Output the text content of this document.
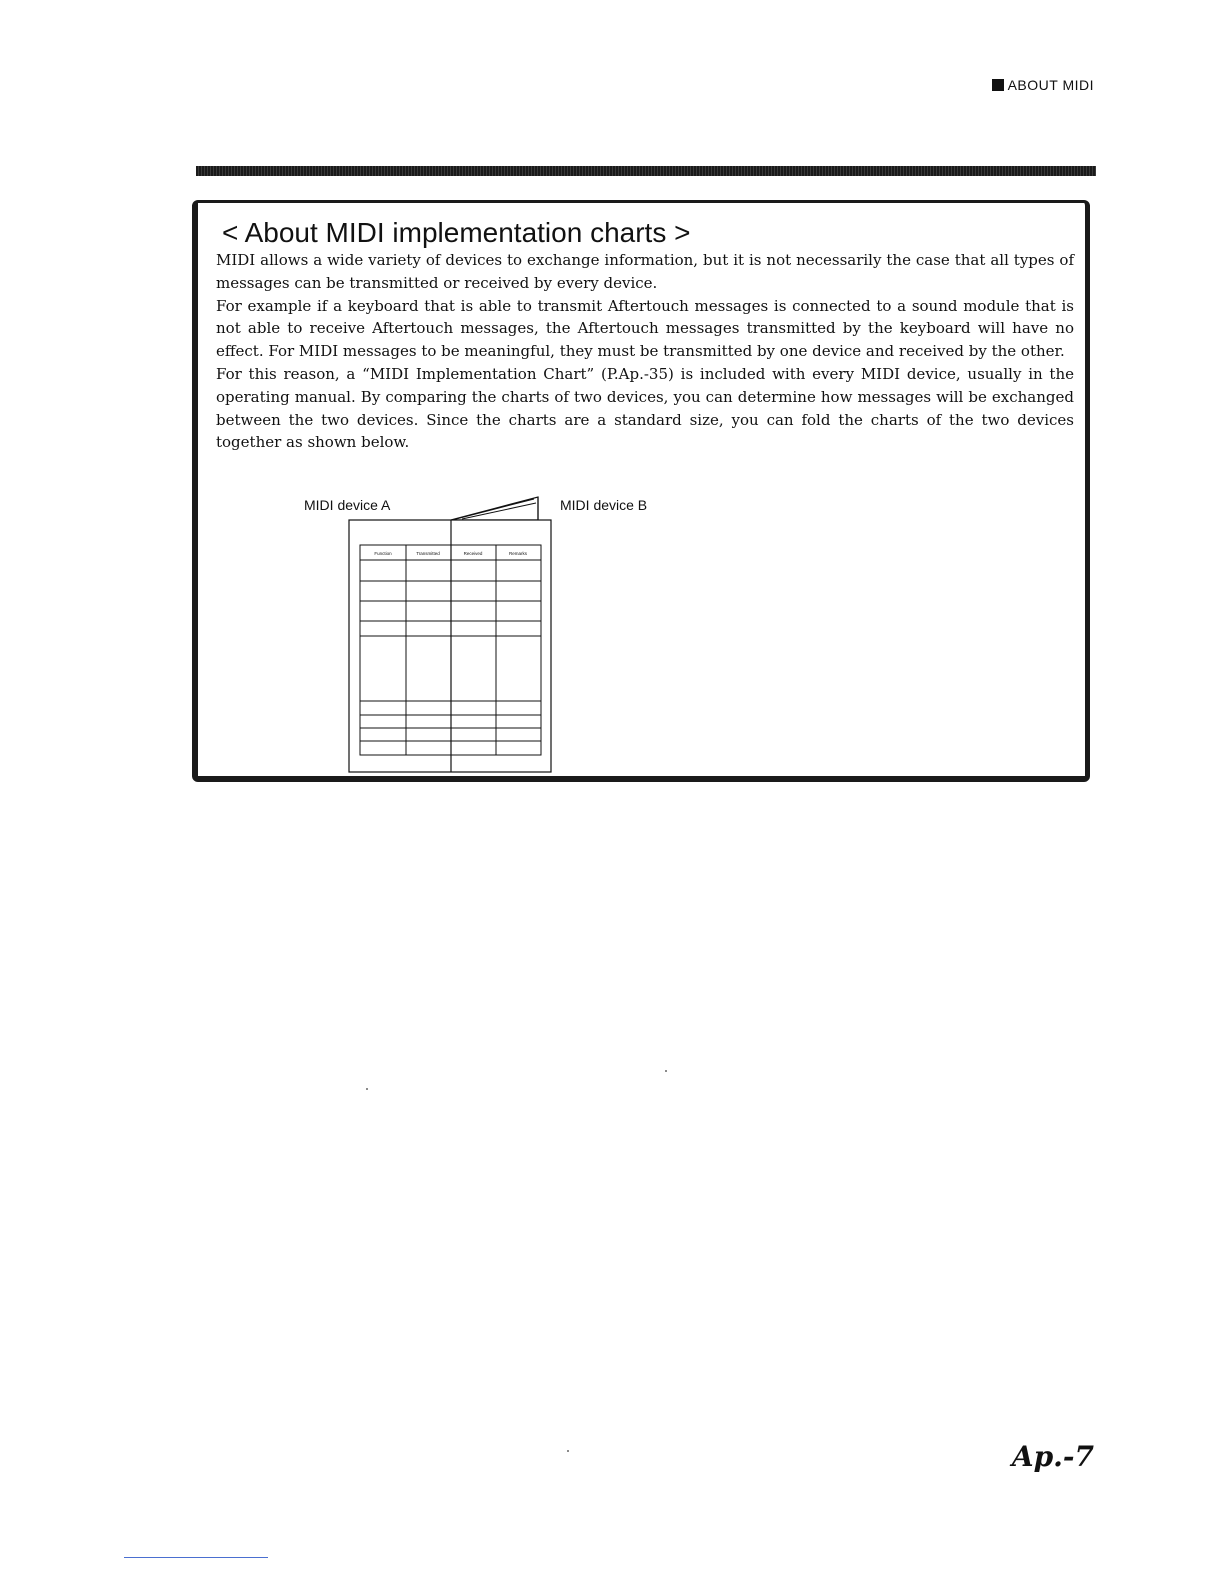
ABOUT MIDI
< About MIDI implementation charts >

MIDI allows a wide variety of devices to exchange information, but it is not necessarily the case that all types of messages can be transmitted or received by every device.

For example if a keyboard that is able to transmit Aftertouch messages is connected to a sound module that is not able to receive Aftertouch messages, the Aftertouch messages transmitted by the keyboard will have no effect. For MIDI messages to be meaningful, they must be transmitted by one device and received by the other.

For this reason, a “MIDI Implementation Chart” (P.Ap.-35) is included with every MIDI device, usually in the operating manual. By comparing the charts of two devices, you can determine how messages will be exchanged between the two devices. Since the charts are a standard size, you can fold the charts of the two devices together as shown below.

MIDI device A	MIDI device B
Function	Transmitted	Received	Remarks
Ap.-7
